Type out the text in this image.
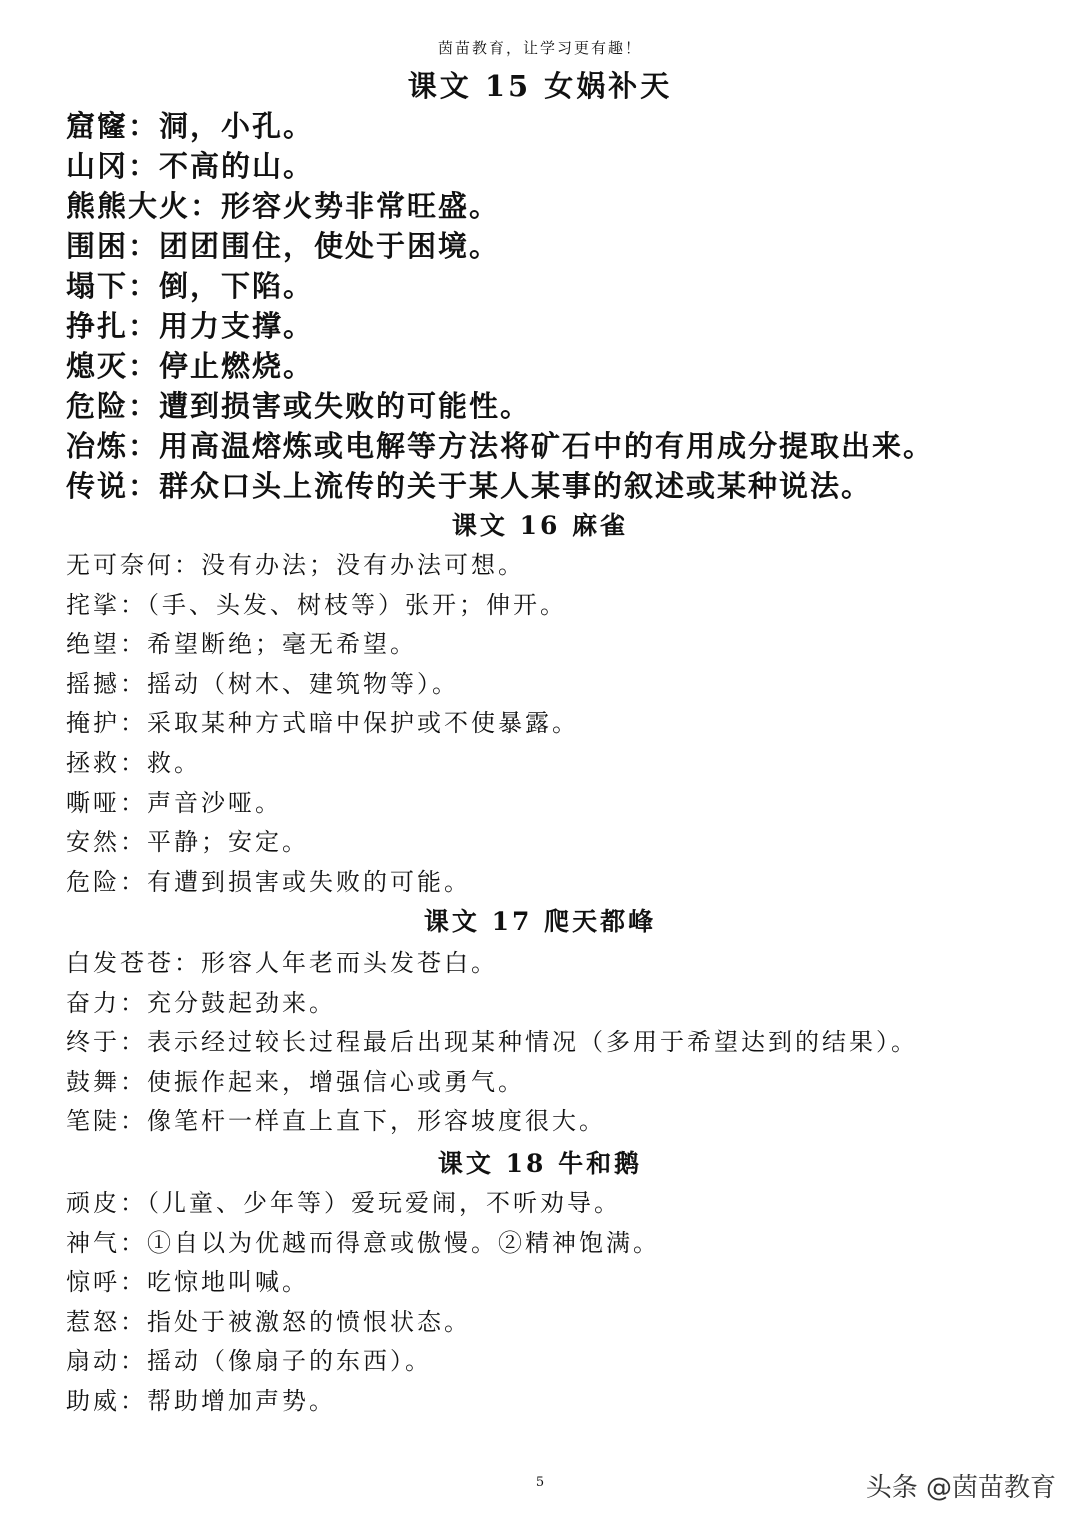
茵苗教育，让学习更有趣！
课文 15 女娲补天
窟窿：洞，小孔。
山冈：不高的山。
熊熊大火：形容火势非常旺盛。
围困：团团围住，使处于困境。
塌下：倒，下陷。
挣扎：用力支撑。
熄灭：停止燃烧。
危险：遭到损害或失败的可能性。
冶炼：用高温熔炼或电解等方法将矿石中的有用成分提取出来。
传说：群众口头上流传的关于某人某事的叙述或某种说法。
课文 16 麻雀
无可奈何：没有办法；没有办法可想。
挓挲：（手、头发、树枝等）张开；伸开。
绝望：希望断绝；毫无希望。
摇撼：摇动（树木、建筑物等）。
掩护：采取某种方式暗中保护或不使暴露。
拯救：救。
嘶哑：声音沙哑。
安然：平静；安定。
危险：有遭到损害或失败的可能。
课文 17 爬天都峰
白发苍苍：形容人年老而头发苍白。
奋力：充分鼓起劲来。
终于：表示经过较长过程最后出现某种情况（多用于希望达到的结果）。
鼓舞：使振作起来，增强信心或勇气。
笔陡：像笔杆一样直上直下，形容坡度很大。
课文 18 牛和鹅
顽皮：（儿童、少年等）爱玩爱闹，不听劝导。
神气：①自以为优越而得意或傲慢。②精神饱满。
惊呼：吃惊地叫喊。
惹怒：指处于被激怒的愤恨状态。
扇动：摇动（像扇子的东西）。
助威：帮助增加声势。
5	头条 @茵苗教育
